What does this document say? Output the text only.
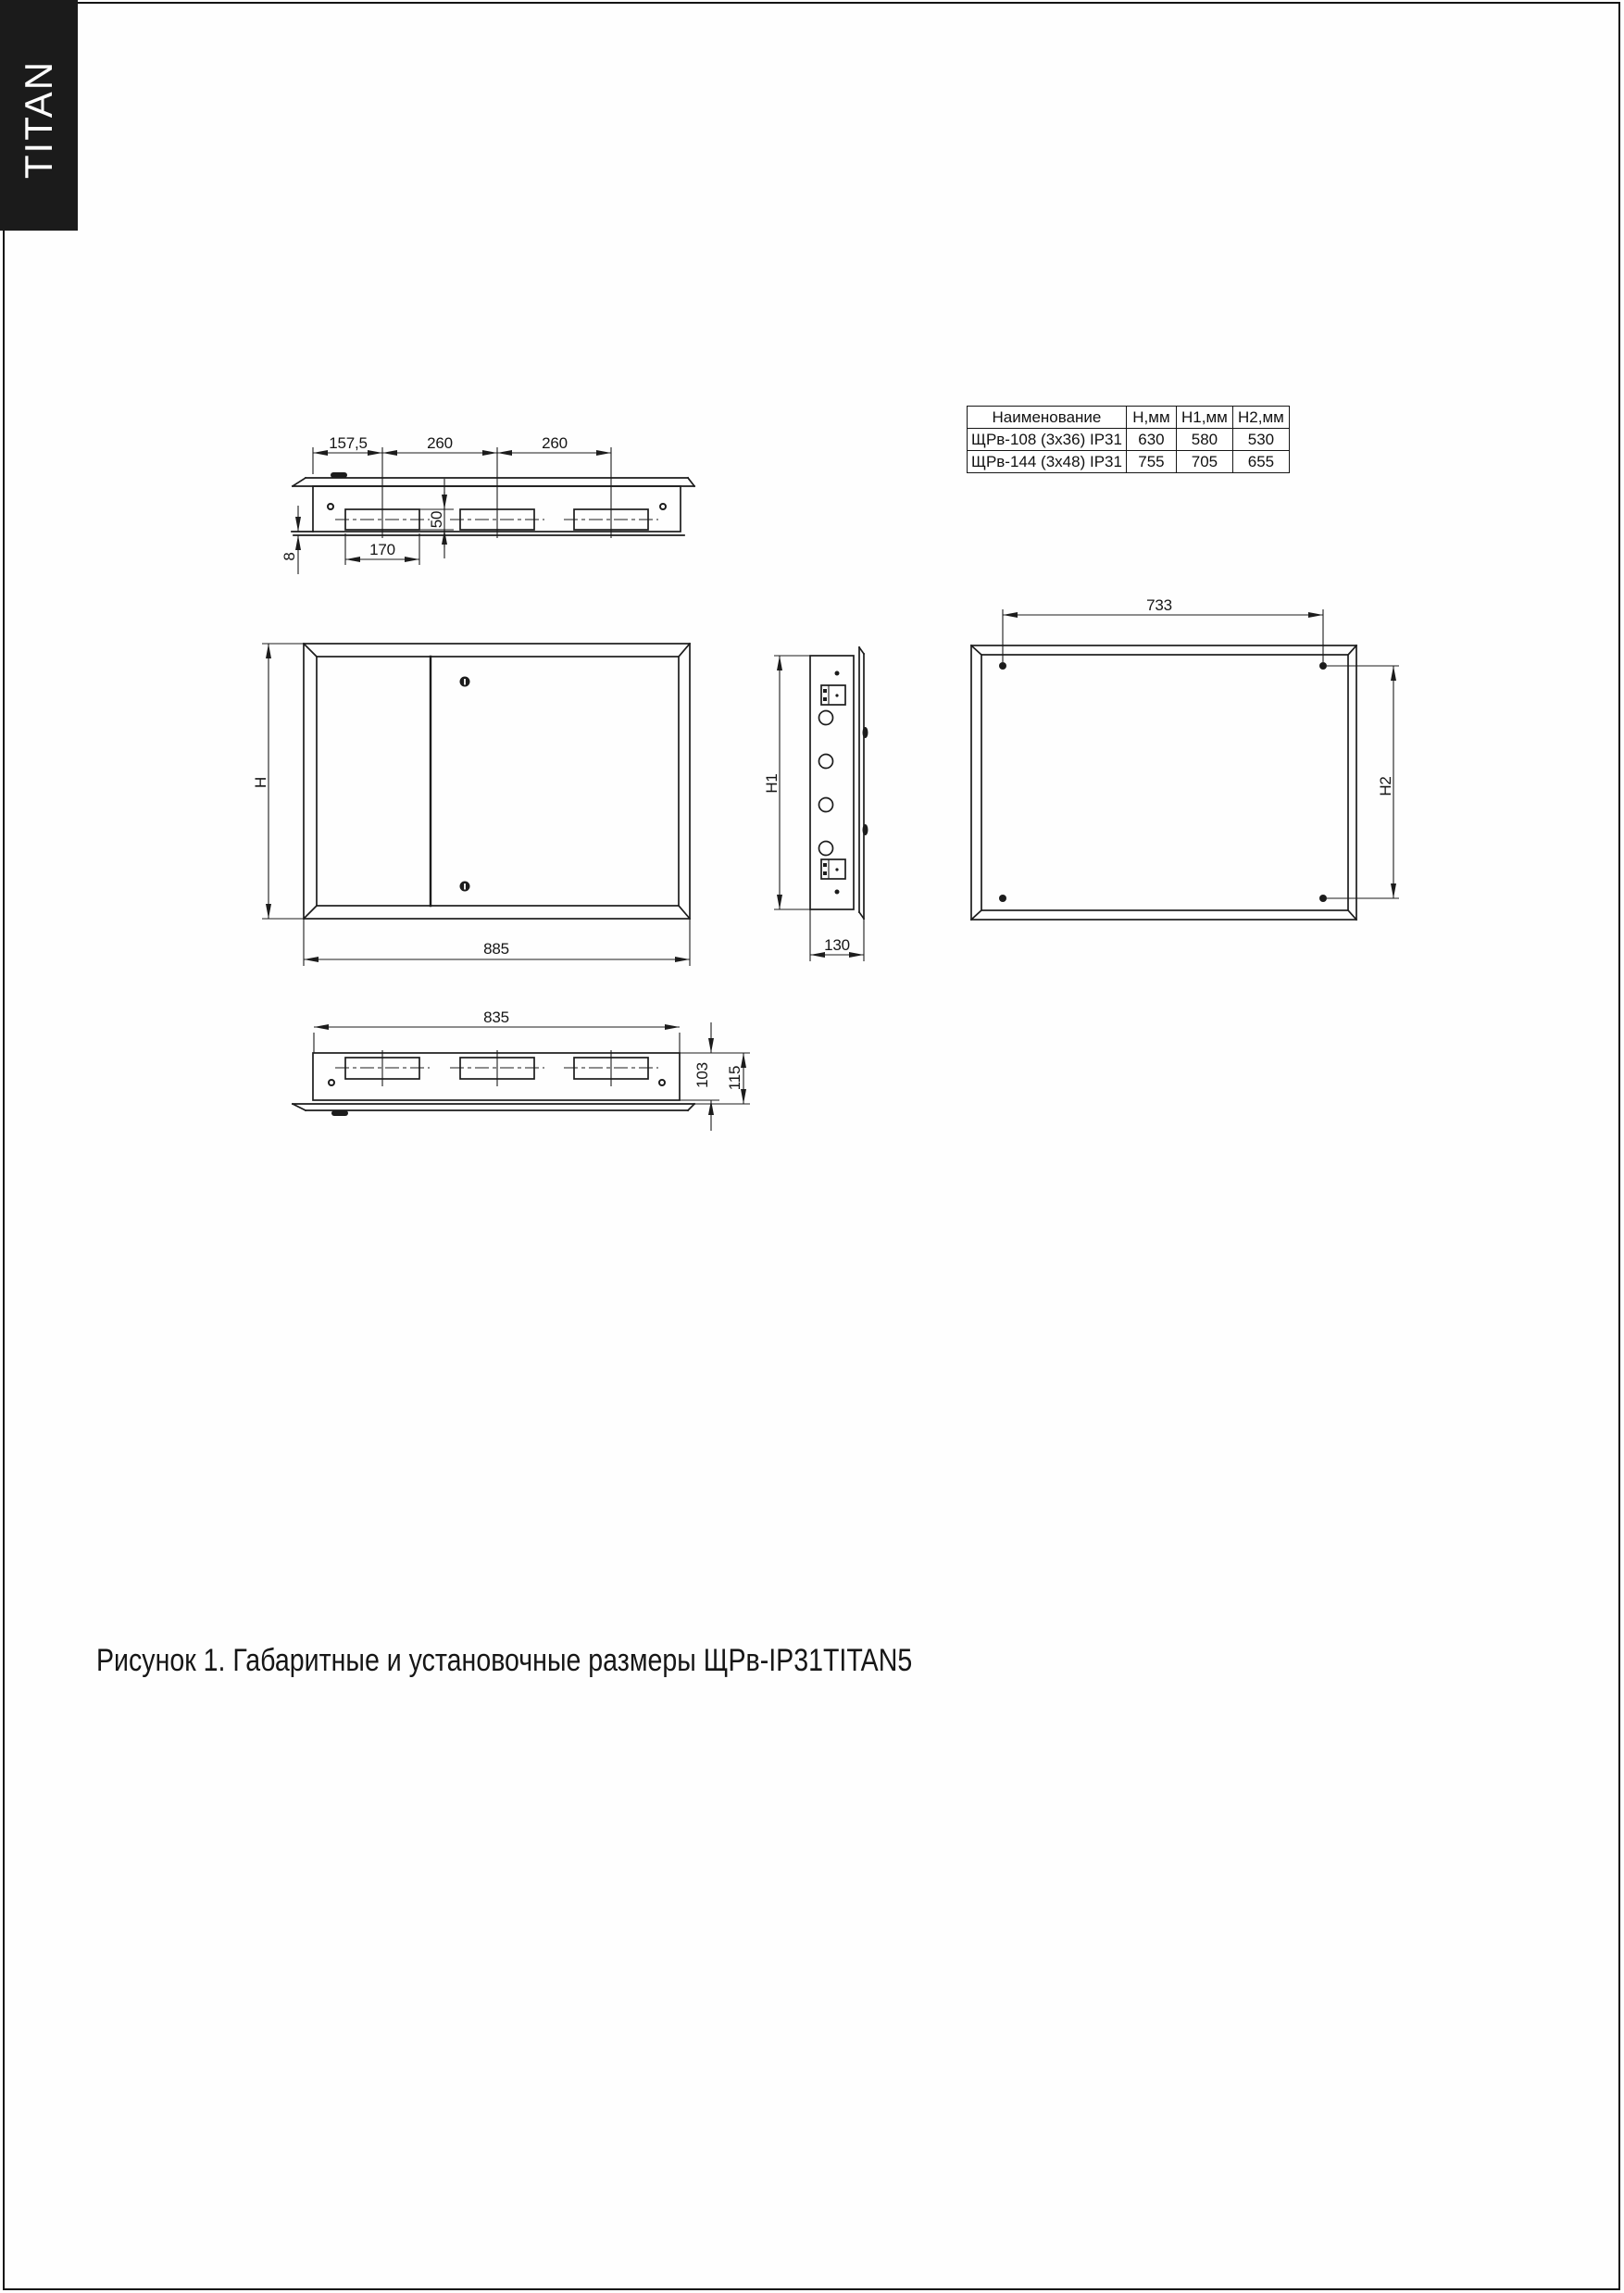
TITAN
Наименование	Н,мм	Н1,мм	Н2,мм
ЩРв-108 (3х36) IP31	630	580	530
ЩРв-144 (3х48) IP31	755	705	655
157,5	260	260
50
8	170
H
885
H1
130
733
H2
835
103 115
Рисунок 1. Габаритные и установочные размеры ЩРв-IP31TITAN5
